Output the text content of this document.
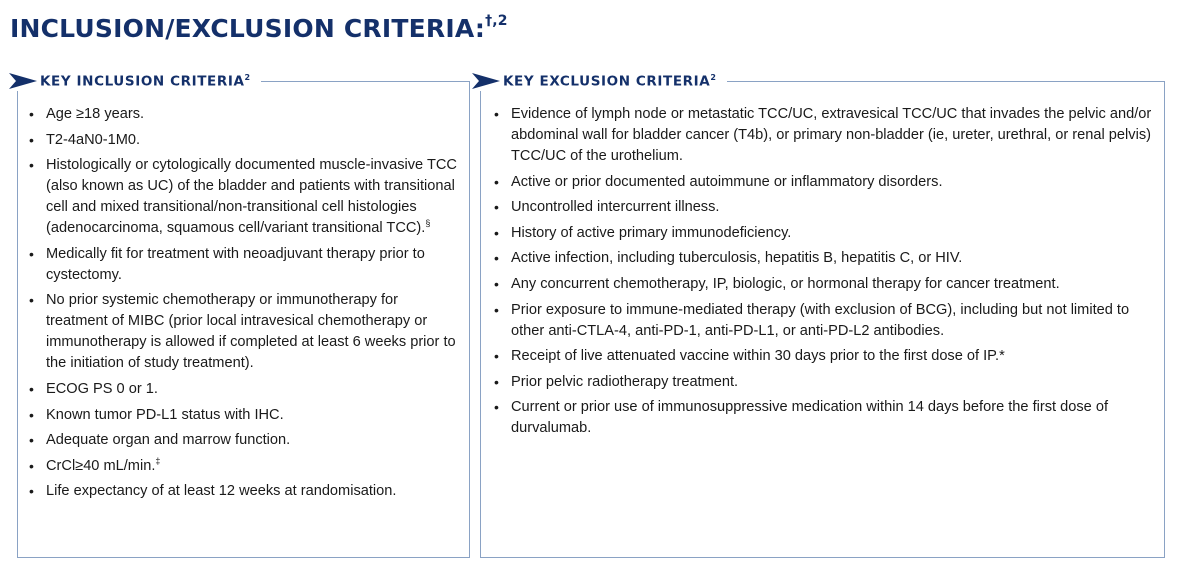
INCLUSION/EXCLUSION CRITERIA:$^{\dagger,2}$
• Age ≥18 years.
• T2-4aN0-1M0.
• Histologically or cytologically documented muscle-invasive TCC (also known as UC) of the bladder and patients with transitional cell and mixed transitional/non-transitional cell histologies (adenocarcinoma, squamous cell/variant transitional TCC).§
• Medically fit for treatment with neoadjuvant therapy prior to cystectomy.
• No prior systemic chemotherapy or immunotherapy for treatment of MIBC (prior local intravesical chemotherapy or immunotherapy is allowed if completed at least 6 weeks prior to the initiation of study treatment).
• ECOG PS 0 or 1.
• Known tumor PD-L1 status with IHC.
• Adequate organ and marrow function.
• CrCl≥40 mL/min.‡
• Life expectancy of at least 12 weeks at randomisation.
KEY INCLUSION CRITERIA$^2$
• Evidence of lymph node or metastatic TCC/UC, extravesical TCC/UC that invades the pelvic and/or abdominal wall for bladder cancer (T4b), or primary non-bladder (ie, ureter, urethral, or renal pelvis) TCC/UC of the urothelium.
• Active or prior documented autoimmune or inflammatory disorders.
• Uncontrolled intercurrent illness.
• History of active primary immunodeficiency.
• Active infection, including tuberculosis, hepatitis B, hepatitis C, or HIV.
• Any concurrent chemotherapy, IP, biologic, or hormonal therapy for cancer treatment.
• Prior exposure to immune-mediated therapy (with exclusion of BCG), including but not limited to other anti-CTLA-4, anti-PD-1, anti-PD-L1, or anti-PD-L2 antibodies.
• Receipt of live attenuated vaccine within 30 days prior to the first dose of IP.*
• Prior pelvic radiotherapy treatment.
• Current or prior use of immunosuppressive medication within 14 days before the first dose of durvalumab.
KEY EXCLUSION CRITERIA$^2$
